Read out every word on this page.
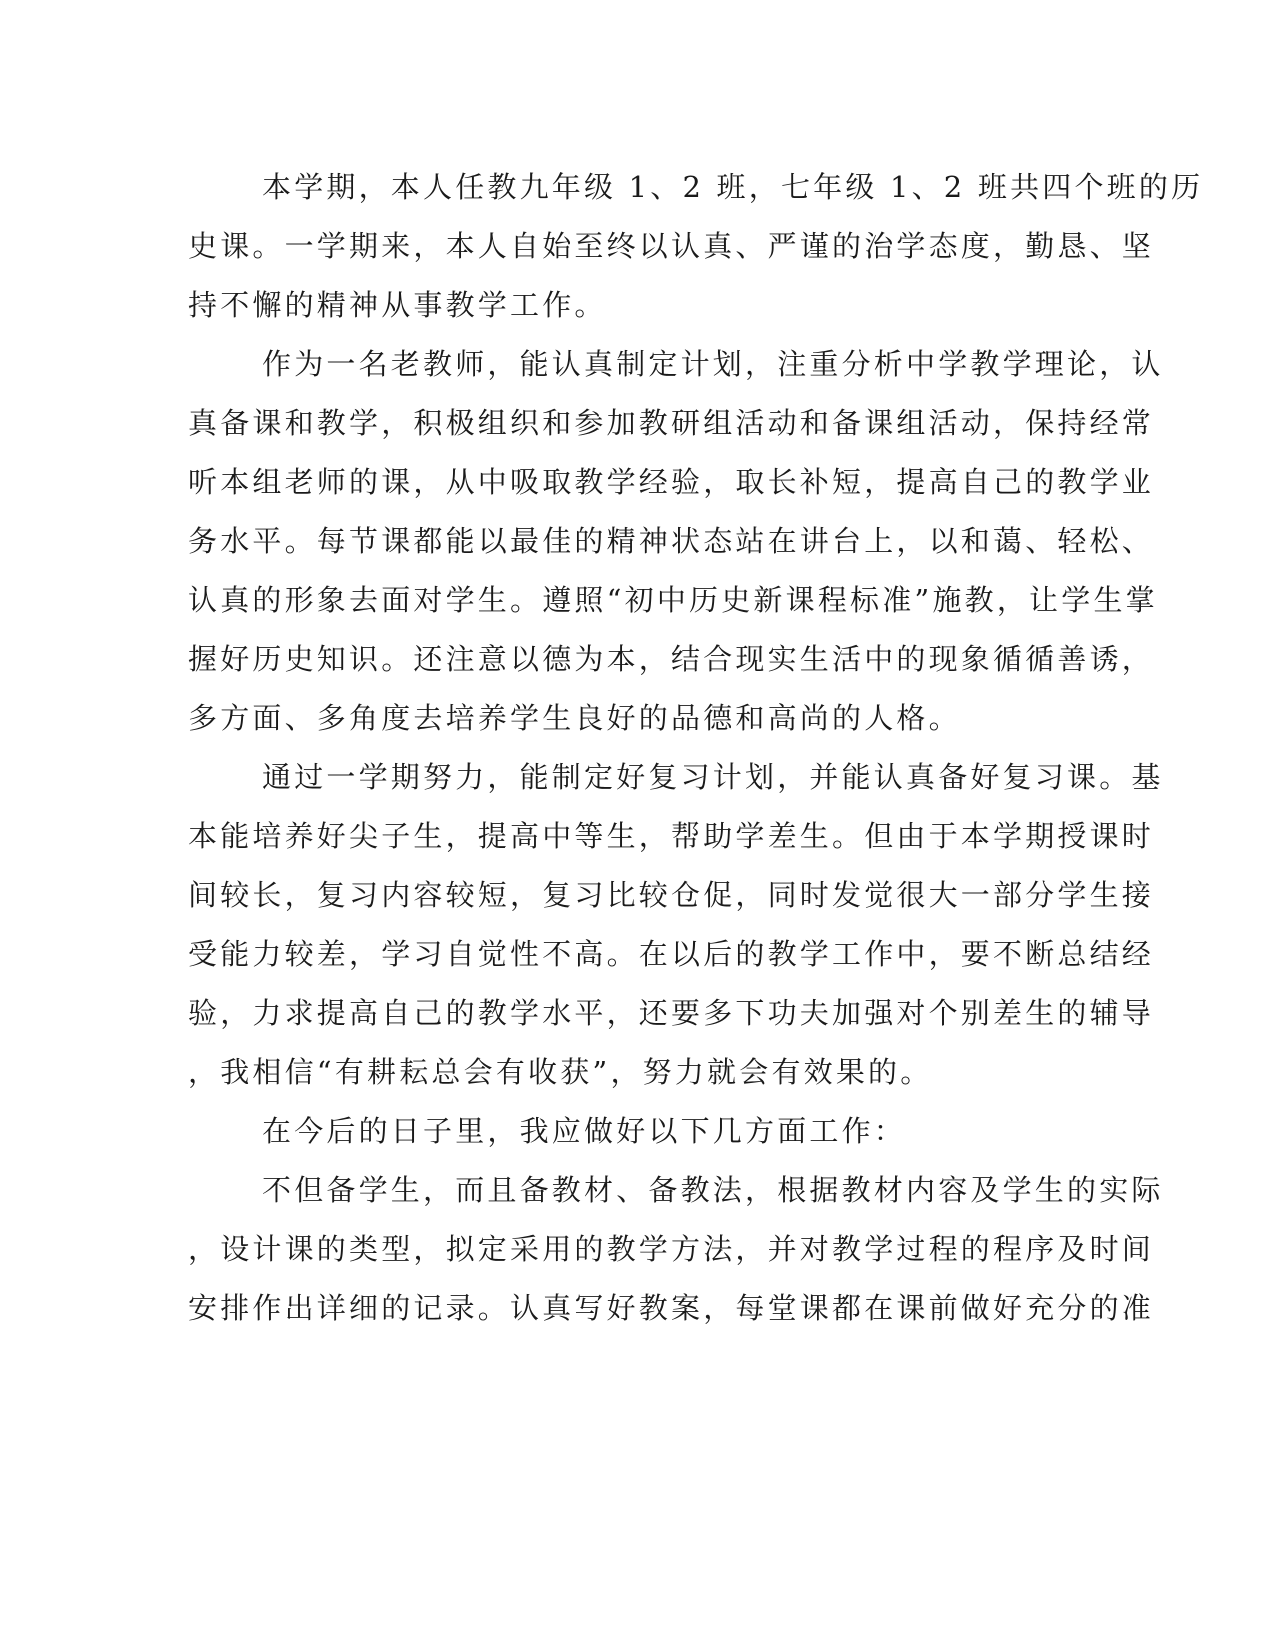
本学期，本人任教九年级 1、2 班，七年级 1、2 班共四个班的历
史课。一学期来，本人自始至终以认真、严谨的治学态度，勤恳、坚
持不懈的精神从事教学工作。
作为一名老教师，能认真制定计划，注重分析中学教学理论，认
真备课和教学，积极组织和参加教研组活动和备课组活动，保持经常
听本组老师的课，从中吸取教学经验，取长补短，提高自己的教学业
务水平。每节课都能以最佳的精神状态站在讲台上，以和蔼、轻松、
认真的形象去面对学生。遵照“初中历史新课程标准”施教，让学生掌
握好历史知识。还注意以德为本，结合现实生活中的现象循循善诱，
多方面、多角度去培养学生良好的品德和高尚的人格。
通过一学期努力，能制定好复习计划，并能认真备好复习课。基
本能培养好尖子生，提高中等生，帮助学差生。但由于本学期授课时
间较长，复习内容较短，复习比较仓促，同时发觉很大一部分学生接
受能力较差，学习自觉性不高。在以后的教学工作中，要不断总结经
验，力求提高自己的教学水平，还要多下功夫加强对个别差生的辅导
，我相信“有耕耘总会有收获”，努力就会有效果的。
在今后的日子里，我应做好以下几方面工作：
不但备学生，而且备教材、备教法，根据教材内容及学生的实际
，设计课的类型，拟定采用的教学方法，并对教学过程的程序及时间
安排作出详细的记录。认真写好教案，每堂课都在课前做好充分的准
